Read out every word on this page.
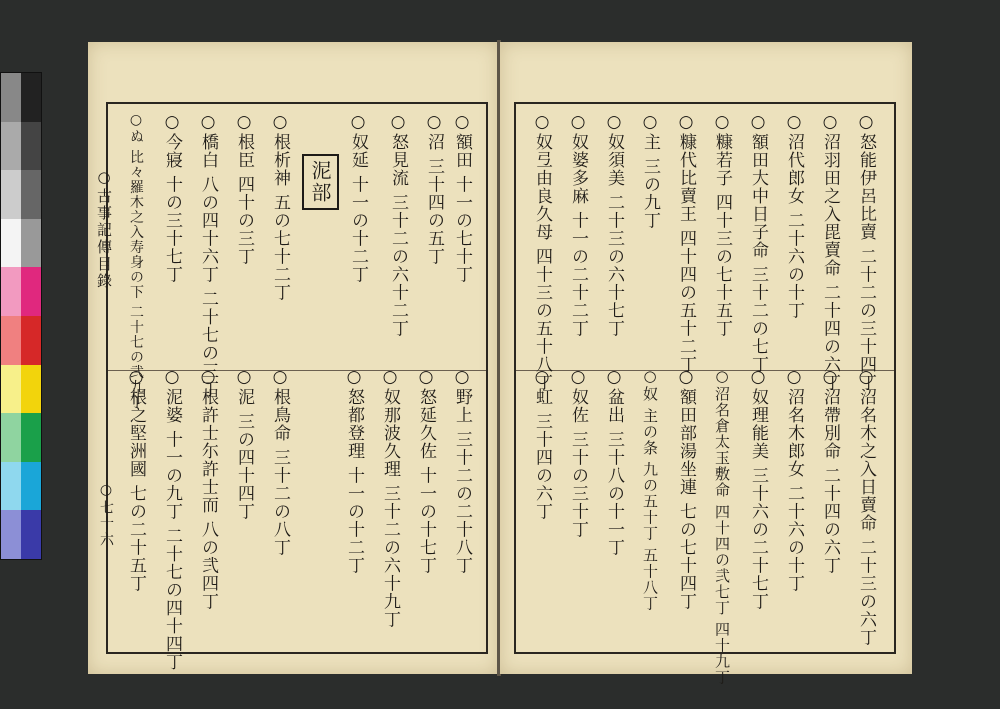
○古事記傳目錄
○七十六
泥部	○額田 十一の七十丁
○沼 三十四の五丁
○怒見流 三十二の六十二丁
○奴延 十一の十二丁
○根析神 五の七十二丁
○根臣 四十の三丁
○橋白 八の四十六丁 二十七の三丁
○今寢 十の三十七丁
○ぬ 比々羅木之入寿身の下 二十七の弐九丁
○野上 三十二の二十八丁
○怒延久佐 十一の十七丁
○奴那波久理 三十二の六十九丁
○怒都登理 十一の十二丁
○根鳥命 三十二の八丁
○泥 三の四十四丁
○根許士尓許士而 八の弐四丁
○泥婆 十一の九丁 二十七の四十四丁
○根之堅洲國 七の二十五丁
○怒能伊呂比賣 二十二の三十四丁
○沼羽田之入毘賣命 二十四の六丁
○沼代郎女 二十六の十丁
○額田大中日子命 三十二の七丁
○糠若子 四十三の七十五丁
○糠代比賣王 四十四の五十二丁
○主 三の九丁
○奴須美 二十三の六十七丁
○奴婆多麻 十一の二十二丁
○奴弖由良久母 四十三の五十八丁
○沼名木之入日賣命 二十三の六丁
○沼帶別命 二十四の六丁
○沼名木郎女 二十六の十丁
○奴理能美 三十六の二十七丁
○沼名倉太玉敷命 四十四の弐七丁 四十九丁
○額田部湯坐連 七の七十四丁
○奴 主の条 九の五十丁 五十八丁
○盆出 三十八の十一丁
○奴佐 三十の三十丁
○虹 三十四の六丁
